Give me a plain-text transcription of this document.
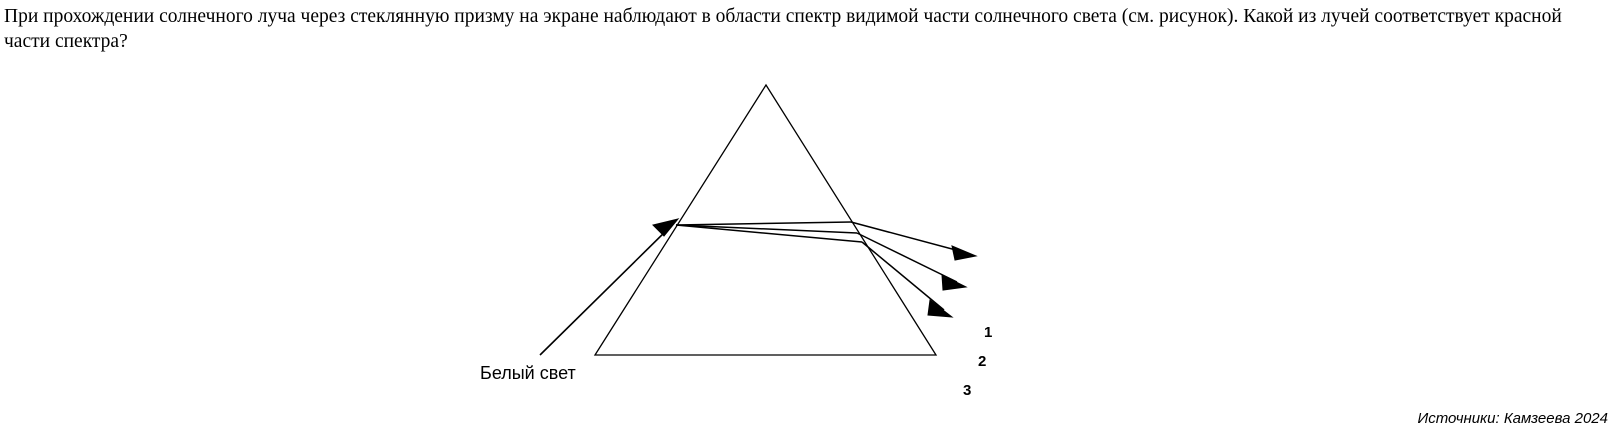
При прохождении солнечного луча через стеклянную призму на экране наблюдают в области спектр видимой части солнечного света (см. рисунок). Какой из лучей соответствует красной части спектра?
Белый свет
1
2
3
Источники: Камзеева 2024
